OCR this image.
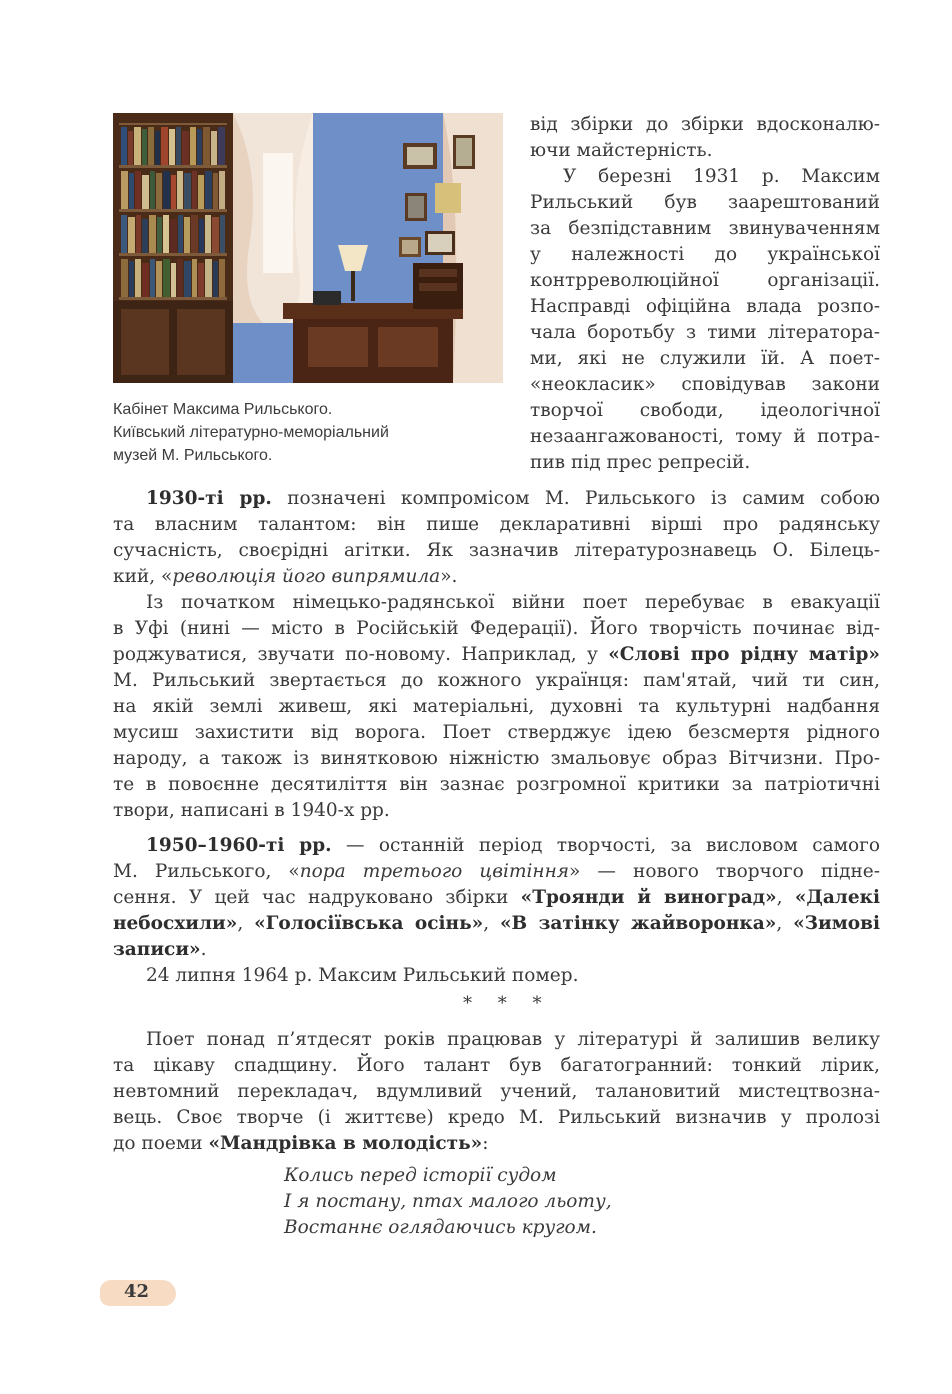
Кабінет Максима Рильського.
Київський літературно-меморіальний
музей М. Рильського.
від збірки до збірки вдосконалю-
ючи майстерність.
У березні 1931 р. Максим
Рильський був заарештований
за безпідставним звинуваченням
у належності до української
контрреволюційної організації.
Насправді офіційна влада розпо-
чала боротьбу з тими літератора-
ми, які не служили їй. А поет-
«неокласик» сповідував закони
творчої свободи, ідеологічної
незаангажованості, тому й потра-
пив під прес репресій.
1930-ті рр. позначені компромісом М. Рильського із самим собою
та власним талантом: він пише декларативні вірші про радянську
сучасність, своєрідні агітки. Як зазначив літературознавець О. Білець-
кий, «революція його випрямила».
Із початком німецько-радянської війни поет перебуває в евакуації
в Уфі (нині — місто в Російській Федерації). Його творчість починає від-
роджуватися, звучати по-новому. Наприклад, у «Слові про рідну матір»
М. Рильський звертається до кожного українця: пам'ятай, чий ти син,
на якій землі живеш, які матеріальні, духовні та культурні надбання
мусиш захистити від ворога. Поет стверджує ідею безсмертя рідного
народу, а також із винятковою ніжністю змальовує образ Вітчизни. Про-
те в повоєнне десятиліття він зазнає розгромної критики за патріотичні
твори, написані в 1940-х рр.
1950–1960-ті рр. — останній період творчості, за висловом самого
М. Рильського, «пора третього цвітіння» — нового творчого підне-
сення. У цей час надруковано збірки «Троянди й виноград», «Далекі
небосхили», «Голосіївська осінь», «В затінку жайворонка», «Зимові
записи».
24 липня 1964 р. Максим Рильський помер.
* * *
Поет понад п’ятдесят років працював у літературі й залишив велику
та цікаву спадщину. Його талант був багатогранний: тонкий лірик,
невтомний перекладач, вдумливий учений, талановитий мистецтвозна-
вець. Своє творче (і життєве) кредо М. Рильський визначив у пролозі
до поеми «Мандрівка в молодість»:
Колись перед історії судом
І я постану, птах малого льоту,
Востаннє оглядаючись кругом.
42
